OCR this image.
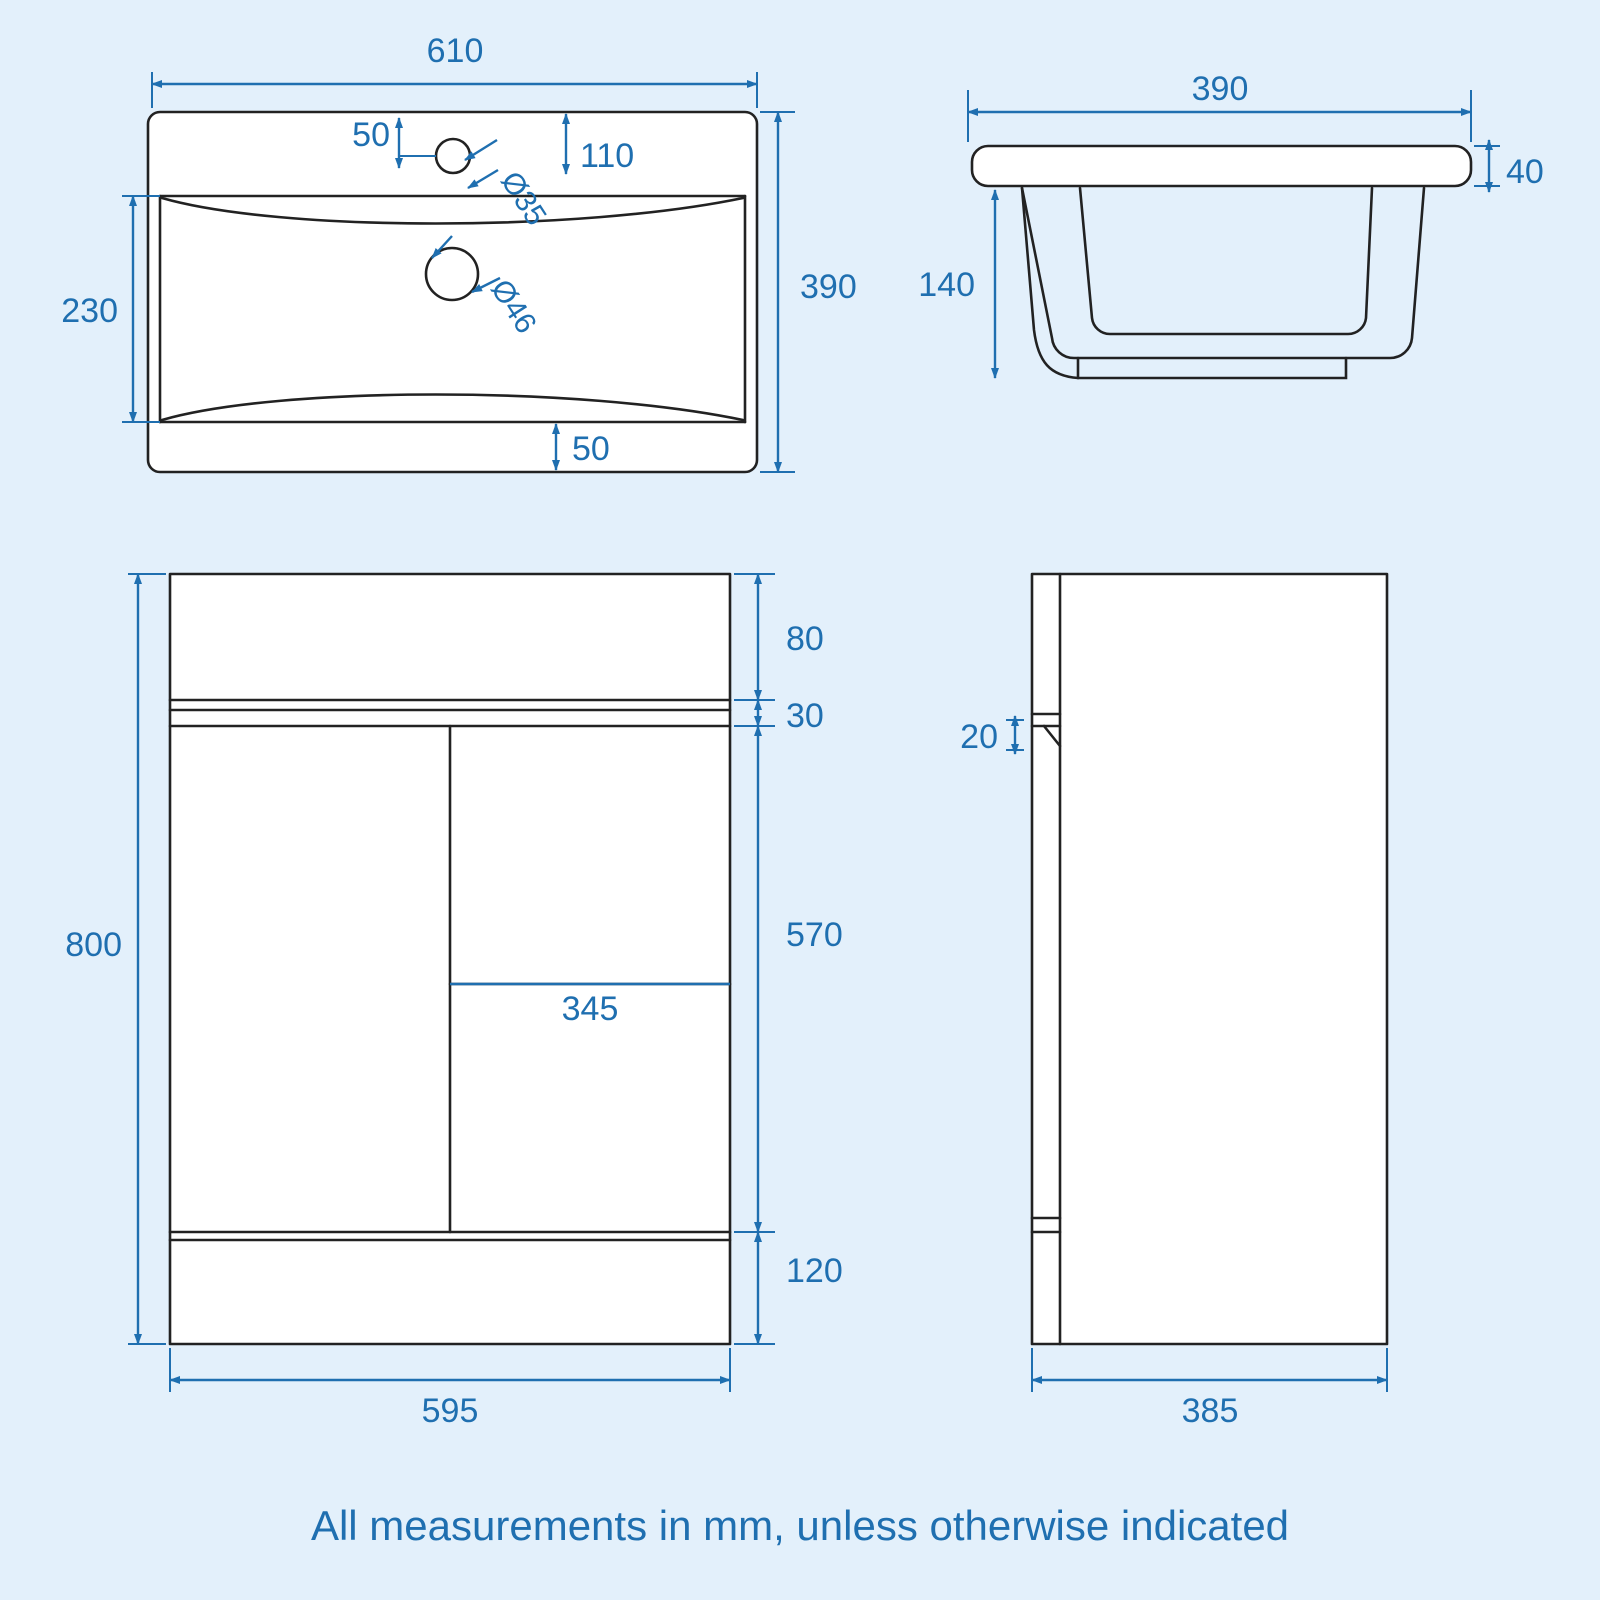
610
390
230
110
50
50
Ø35
Ø46
390
40
140
800
80
30
570
120
345
595
20
385
All measurements in mm, unless otherwise indicated
